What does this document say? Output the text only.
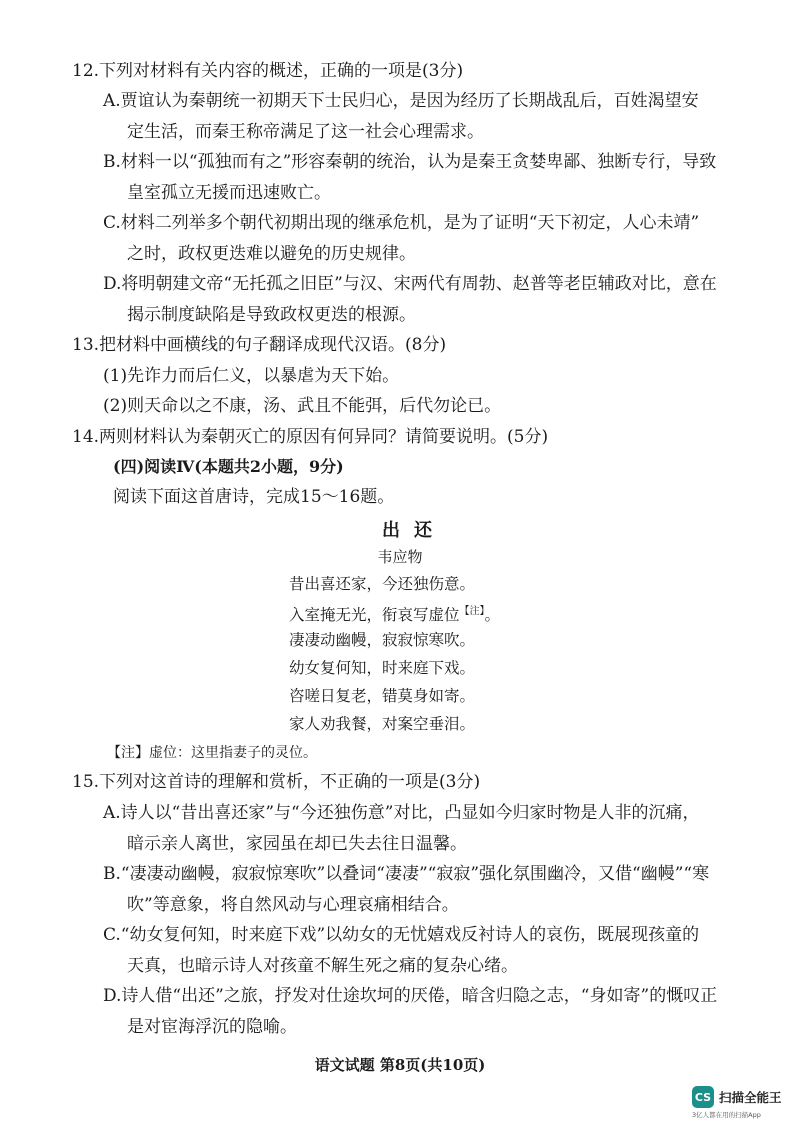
12.下列对材料有关内容的概述，正确的一项是(3分)
A.贾谊认为秦朝统一初期天下士民归心，是因为经历了长期战乱后，百姓渴望安
定生活，而秦王称帝满足了这一社会心理需求。
B.材料一以“孤独而有之”形容秦朝的统治，认为是秦王贪婪卑鄙、独断专行，导致
皇室孤立无援而迅速败亡。
C.材料二列举多个朝代初期出现的继承危机，是为了证明“天下初定，人心未靖”
之时，政权更迭难以避免的历史规律。
D.将明朝建文帝“无托孤之旧臣”与汉、宋两代有周勃、赵普等老臣辅政对比，意在
揭示制度缺陷是导致政权更迭的根源。
13.把材料中画横线的句子翻译成现代汉语。(8分)
(1)先诈力而后仁义，以暴虐为天下始。
(2)则天命以之不康，汤、武且不能弭，后代勿论已。
14.两则材料认为秦朝灭亡的原因有何异同？请简要说明。(5分)
(四)阅读Ⅳ(本题共2小题，9分)
阅读下面这首唐诗，完成15～16题。
出还
韦应物
昔出喜还家，今还独伤意。
入室掩无光，衔哀写虚位$^{【注】}$。
凄凄动幽幔，寂寂惊寒吹。
幼女复何知，时来庭下戏。
咨嗟日复老，错莫身如寄。
家人劝我餐，对案空垂泪。
【注】虚位：这里指妻子的灵位。
15.下列对这首诗的理解和赏析，不正确的一项是(3分)
A.诗人以“昔出喜还家”与“今还独伤意”对比，凸显如今归家时物是人非的沉痛，
暗示亲人离世，家园虽在却已失去往日温馨。
B.“凄凄动幽幔，寂寂惊寒吹”以叠词“凄凄”“寂寂”强化氛围幽冷，又借“幽幔”“寒
吹”等意象，将自然风动与心理哀痛相结合。
C.“幼女复何知，时来庭下戏”以幼女的无忧嬉戏反衬诗人的哀伤，既展现孩童的
天真，也暗示诗人对孩童不解生死之痛的复杂心绪。
D.诗人借“出还”之旅，抒发对仕途坎坷的厌倦，暗含归隐之志，“身如寄”的慨叹正
是对宦海浮沉的隐喻。
语文试题 第8页(共10页)
CS 扫描全能王
3亿人都在用的扫描App
